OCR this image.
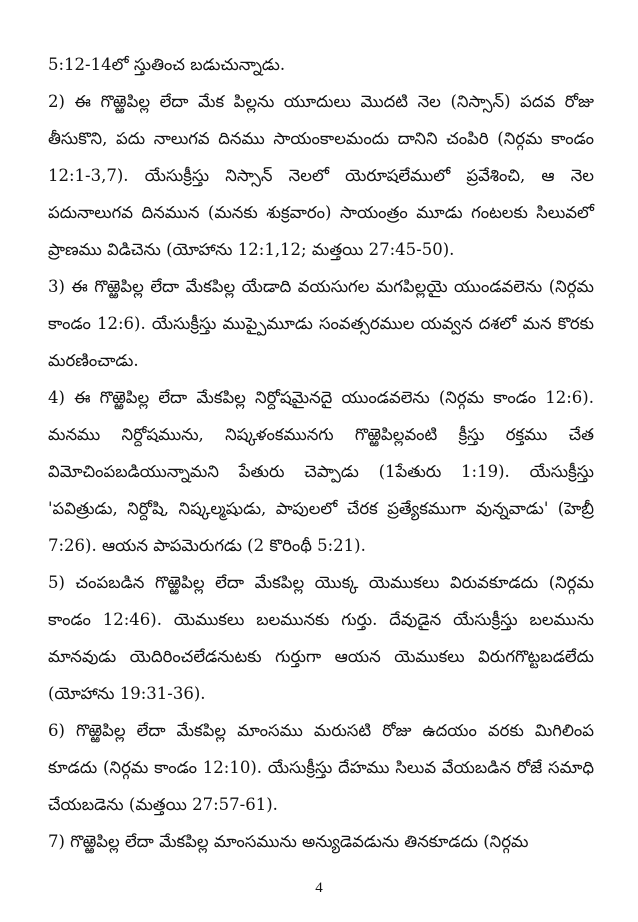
5:12-14లో స్తుతించ బడుచున్నాడు.

2) ఈ గొఱ్ఱెపిల్ల లేదా మేక పిల్లను యూదులు మొదటి నెల (నిస్సాన్) పదవ రోజు తీసుకొని, పదు నాలుగవ దినము సాయంకాలమందు దానిని చంపిరి (నిర్గమ కాండం 12:1-3,7). యేసుక్రీస్తు నిస్సాన్ నెలలో యెరూషలేములో ప్రవేశించి, ఆ నెల పదునాలుగవ దినమున (మనకు శుక్రవారం) సాయంత్రం మూడు గంటలకు సిలువలో ప్రాణము విడిచెను (యోహాను 12:1,12; మత్తయి 27:45-50).

3) ఈ గొఱ్ఱెపిల్ల లేదా మేకపిల్ల యేడాది వయసుగల మగపిల్లయై యుండవలెను (నిర్గమ కాండం 12:6). యేసుక్రీస్తు ముప్పైమూడు సంవత్సరముల యవ్వన దశలో మన కొరకు మరణించాడు.

4) ఈ గొఱ్ఱెపిల్ల లేదా మేకపిల్ల నిర్దోషమైనదై యుండవలెను (నిర్గమ కాండం 12:6). మనము నిర్దోషమును, నిష్కళంకమునగు గొఱ్ఱెపిల్లవంటి క్రీస్తు రక్తము చేత విమోచింపబడియున్నామని పేతురు చెప్పాడు (1పేతురు 1:19). యేసుక్రీస్తు 'పవిత్రుడు, నిర్దోషి, నిష్కల్మషుడు, పాపులలో చేరక ప్రత్యేకముగా వున్నవాడు' (హెబ్రీ 7:26). ఆయన పాపమెరుగడు (2 కొరింథీ 5:21).

5) చంపబడిన గొఱ్ఱెపిల్ల లేదా మేకపిల్ల యొక్క యెముకలు విరువకూడదు (నిర్గమ కాండం 12:46). యెముకలు బలమునకు గుర్తు. దేవుడైన యేసుక్రీస్తు బలమును మానవుడు యెదిరించలేడనుటకు గుర్తుగా ఆయన యెముకలు విరుగగొట్టబడలేదు (యోహాను 19:31-36).

6) గొఱ్ఱెపిల్ల లేదా మేకపిల్ల మాంసము మరుసటి రోజు ఉదయం వరకు మిగిలింప కూడదు (నిర్గమ కాండం 12:10). యేసుక్రీస్తు దేహము సిలువ వేయబడిన రోజే సమాధి చేయబడెను (మత్తయి 27:57-61).

7) గొఱ్ఱెపిల్ల లేదా మేకపిల్ల మాంసమును అన్యుడెవడును తినకూడదు (నిర్గమ

4
